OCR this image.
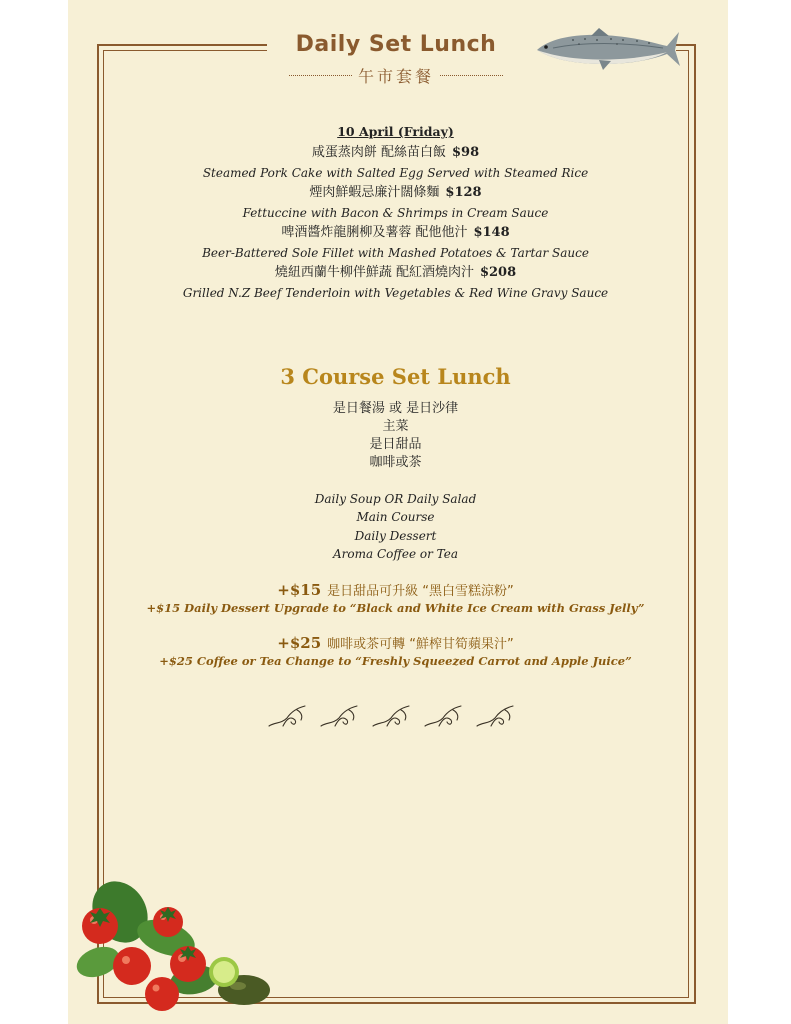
Daily Set Lunch
午市套餐
10 April (Friday)
咸蛋蒸肉餅 配絲苗白飯 $98
Steamed Pork Cake with Salted Egg Served with Steamed Rice
煙肉鮮蝦忌廉汁闊條麵 $128
Fettuccine with Bacon & Shrimps in Cream Sauce
啤酒醬炸龍脷柳及薯蓉 配他他汁 $148
Beer-Battered Sole Fillet with Mashed Potatoes & Tartar Sauce
燒紐西蘭牛柳伴鮮蔬 配紅酒燒肉汁 $208
Grilled N.Z Beef Tenderloin with Vegetables & Red Wine Gravy Sauce
3 Course Set Lunch
是日餐湯 或 是日沙律
主菜
是日甜品
咖啡或茶
Daily Soup OR Daily Salad
Main Course
Daily Dessert
Aroma Coffee or Tea
+$15 是日甜品可升級 “黑白雪糕涼粉”
+$15 Daily Dessert Upgrade to “Black and White Ice Cream with Grass Jelly”
+$25 咖啡或茶可轉 “鮮榨甘筍蘋果汁”
+$25 Coffee or Tea Change to “Freshly Squeezed Carrot and Apple Juice”
